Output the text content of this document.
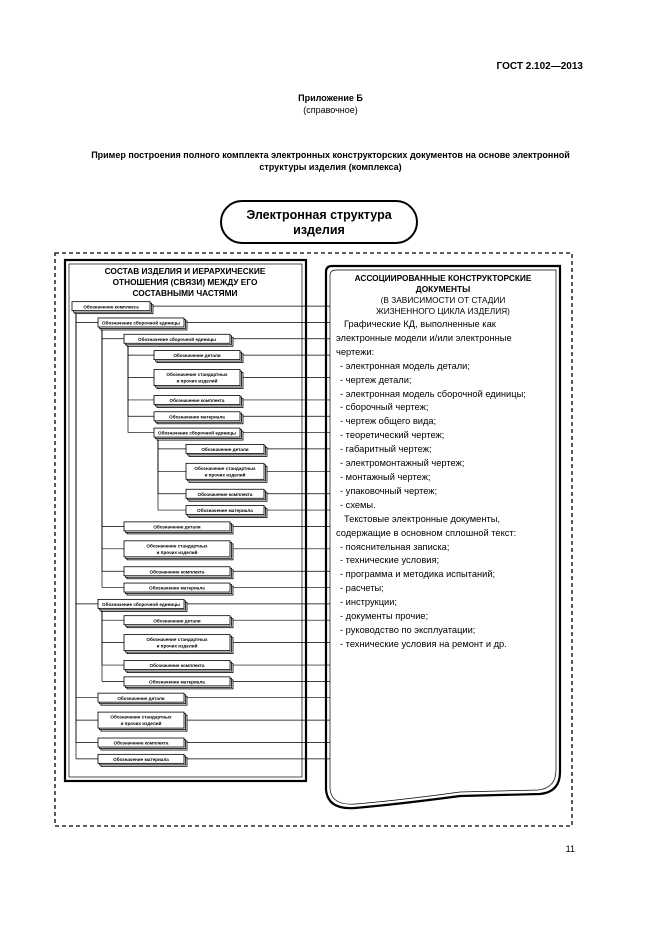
ГОСТ 2.102—2013
Приложение Б
(справочное)
Пример построения полного комплекта электронных конструкторских документов на основе электронной
структуры изделия (комплекса)
Электронная структура
изделия
СОСТАВ ИЗДЕЛИЯ И ИЕРАРХИЧЕСКИЕ
ОТНОШЕНИЯ (СВЯЗИ) МЕЖДУ ЕГО
СОСТАВНЫМИ ЧАСТЯМИ
АССОЦИИРОВАННЫЕ КОНСТРУКТОРСКИЕ
ДОКУМЕНТЫ
(В ЗАВИСИМОСТИ ОТ СТАДИИ
ЖИЗНЕННОГО ЦИКЛА ИЗДЕЛИЯ)
Обозначение комплекса
Обозначение сборочной единицы
Обозначение сборочной единицы
Обозначение детали
Обозначение стандартных
и прочих изделий
Обозначение комплекта
Обозначение материала
Обозначение сборочной единицы
Обозначение детали
Обозначение стандартных
и прочих изделий
Обозначение комплекта
Обозначение материала
Обозначение детали
Обозначение стандартных
и прочих изделий
Обозначение комплекта
Обозначение материала
Обозначение сборочной единицы
Обозначение детали
Обозначение стандартных
и прочих изделий
Обозначение комплекта
Обозначение материала
Обозначение детали
Обозначение стандартных
и прочих изделий
Обозначение комплекта
Обозначение материала
Графические КД, выполненные как
электронные модели и/или электронные
чертежи:
- электронная модель детали;
- чертеж детали;
- электронная модель сборочной единицы;
- сборочный чертеж;
- чертеж общего вида;
- теоретический чертеж;
- габаритный чертеж;
- электромонтажный чертеж;
- монтажный чертеж;
- упаковочный чертеж;
- схемы.
Текстовые электронные документы,
содержащие в основном сплошной текст:
- пояснительная записка;
- технические условия;
- программа и методика испытаний;
- расчеты;
- инструкции;
- документы прочие;
- руководство по эксплуатации;
- технические условия на ремонт и др.
11
